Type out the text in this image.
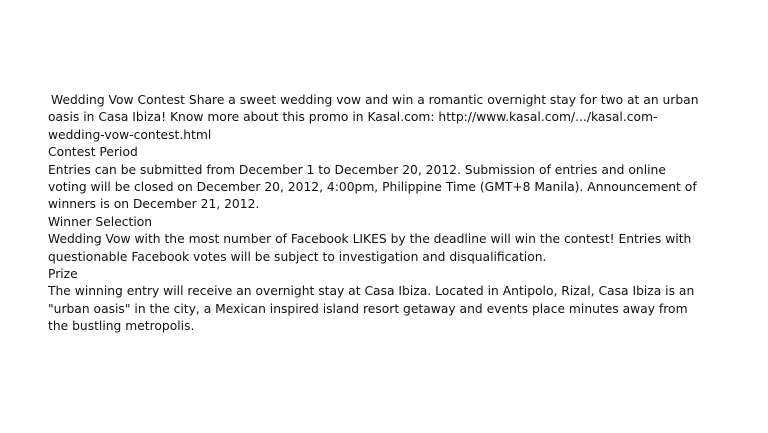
Wedding Vow Contest Share a sweet wedding vow and win a romantic overnight stay for two at an urban oasis in Casa Ibiza! Know more about this promo in Kasal.com: http://www.kasal.com/.../kasal.com-wedding-vow-contest.html

Contest Period

Entries can be submitted from December 1 to December 20, 2012. Submission of entries and online voting will be closed on December 20, 2012, 4:00pm, Philippine Time (GMT+8 Manila). Announcement of winners is on December 21, 2012.

Winner Selection

Wedding Vow with the most number of Facebook LIKES by the deadline will win the contest! Entries with questionable Facebook votes will be subject to investigation and disqualification.

Prize

The winning entry will receive an overnight stay at Casa Ibiza. Located in Antipolo, Rizal, Casa Ibiza is an "urban oasis" in the city, a Mexican inspired island resort getaway and events place minutes away from the bustling metropolis.
